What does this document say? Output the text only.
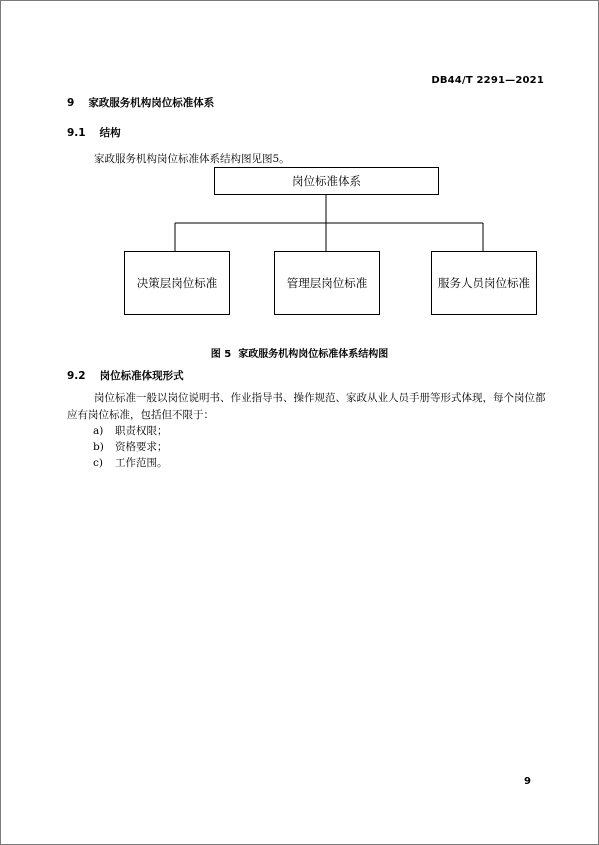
DB44/T 2291—2021
9 家政服务机构岗位标准体系
9.1 结构
家政服务机构岗位标准体系结构图见图5。
岗位标准体系
决策层岗位标准	管理层岗位标准	服务人员岗位标准
图 5 家政服务机构岗位标准体系结构图
9.2 岗位标准体现形式
岗位标准一般以岗位说明书、作业指导书、操作规范、家政从业人员手册等形式体现，每个岗位都
应有岗位标准，包括但不限于：
a) 职责权限；
b) 资格要求；
c) 工作范围。
9
